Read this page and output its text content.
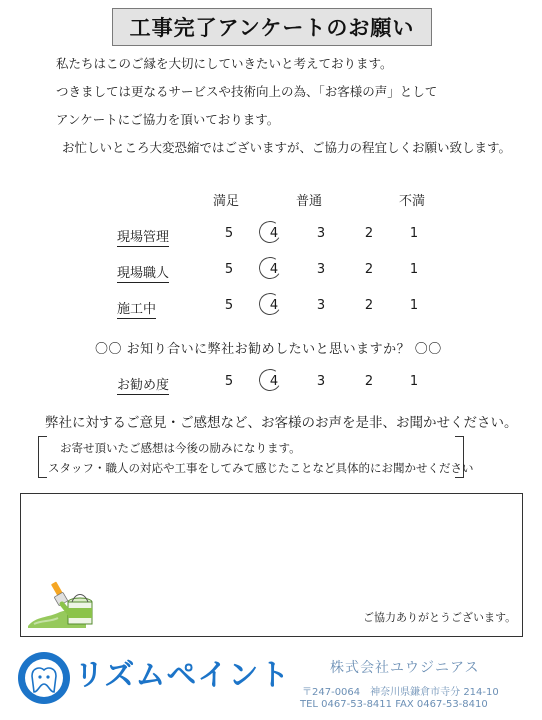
工事完了アンケートのお願い
私たちはこのご縁を大切にしていきたいと考えております。
つきましては更なるサービスや技術向上の為、「お客様の声」として
アンケートにご協力を頂いております。
お忙しいところ大変恐縮ではございますが、ご協力の程宜しくお願い致します。
満足	普通	不満
現場管理	5	4	3	2	1
現場職人	5	4	3	2	1
施工中	5	4	3	2	1
〇〇 お知り合いに弊社お勧めしたいと思いますか？ 〇〇
お勧め度	5	4	3	2	1
弊社に対するご意見・ご感想など、お客様のお声を是非、お聞かせください。
お寄せ頂いたご感想は今後の励みになります。
スタッフ・職人の対応や工事をしてみて感じたことなど具体的にお聞かせください
ご協力ありがとうございます。
リズムペイント	株式会社ユウジニアス
〒247-0064　神奈川県鎌倉市寺分 214-10
TEL 0467-53-8411 FAX 0467-53-8410
